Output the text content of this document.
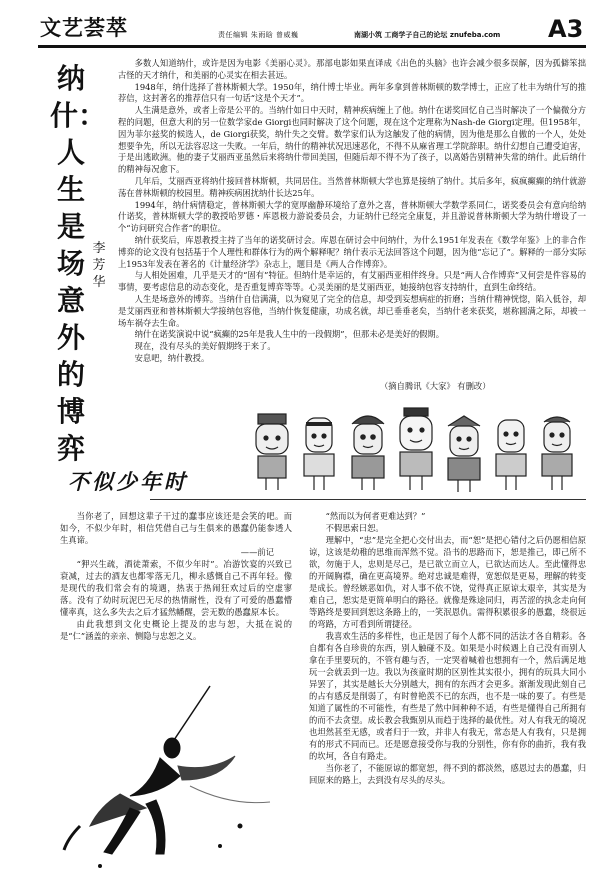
文艺荟萃	责任编辑 朱雨晗 曾威巍	南湖小筑 工商学子自己的论坛 znufeba.com A3
纳什：人生是场意外的博弈
李芳华

多数人知道纳什，或许是因为电影《美丽心灵》。那部电影如果直译成《出色的头脑》也许会减少很多误解，因为孤僻笨拙古怪的天才纳什，和美丽的心灵实在相去甚远。

1948年，纳什选择了普林斯顿大学。1950年，纳什博士毕业。两年多拿到普林斯顿的数学博士，正应了杜丰为纳什写的推荐信，这封著名的推荐信只有一句话“这是个天才”。

人生满是意外，或者上帝是公平的。当纳什如日中天时，精神疾病缠上了他。纳什在诺奖回忆自己当时解决了一个偏微分方程的问题，但意大利的另一位数学家de Giorgi也同时解决了这个问题，现在这个定理称为Nash-de Giorgi定理。但1958年，因为菲尔兹奖的候选人，de Giorgi获奖，纳什失之交臂。数学家们认为这触发了他的病情，因为他是那么自傲的一个人，处处想要争先，所以无法容忍这一失败。一年后，纳什的精神状况迅速恶化，不得不从麻省理工学院辞职。纳什幻想自己遭受迫害，于是出逃欧洲。他的妻子艾丽西亚虽然后来将纳什带回美国，但随后却不得不为了孩子，以离婚告别精神失常的纳什。此后纳什的精神每况愈下。

几年后，艾丽西亚将纳什接回普林斯顿，共同居住。当然普林斯顿大学也算是接纳了纳什。其后多年，疯疯癫癫的纳什就游荡在普林斯顿的校园里。精神疾病困扰纳什长达25年。

1994年，纳什病情稳定，普林斯顿大学的宽厚幽静环境给了意外之喜，普林斯顿大学数学系同仁，诺奖委员会有意向给纳什诺奖，普林斯顿大学的教授哈罗德・库恩极力游说委员会，力证纳什已经完全康复，并且游说普林斯顿大学为纳什增设了一个“访问研究合作者”的职位。

纳什获奖后，库恩教授主持了当年的诺奖研讨会。库恩在研讨会中问纳什，为什么1951年发表在《数学年鉴》上的非合作博弈的论文没有包括基于个人理性和群体行为的两个解释呢？纳什表示无法回答这个问题，因为他“忘记了”。解释的一部分实际上1953年发表在著名的《计量经济学》杂志上，题目是《两人合作博弈》。

与人相处困难，几乎是天才的“固有”特征。但纳什是幸运的，有艾丽西亚相伴终身。只是“两人合作博弈”又何尝是件容易的事情，要考虑信息的动态变化，是否重复博弈等等。心灵美丽的是艾丽西亚，她接纳包容支持纳什，直到生命终结。

人生是场意外的博弈。当纳什自信满满，以为窥见了完全的信息，却受到妄想病症的折磨；当纳什精神恍惚，陷入低谷，却是艾丽西亚和普林斯顿大学接纳包容他，当纳什恢复健康，功成名就，却已垂垂老矣，当纳什老来获奖，堪称圆满之际，却被一场车祸夺去生命。

纳什在诺奖演说中说“疯癫的25年是我人生中的一段假期”，但那未必是美好的假期。

现在，没有尽头的美好假期终于来了。

安息吧，纳什教授。

（摘自腾讯《大家》 有删改）
不似少年时

当你老了，回想这辈子干过的蠢事应该还是会笑的吧。而如今，不似少年时，相信凭借自己与生俱来的愚蠢仍能参透人生真谛。

——前记

“狎兴生疏，酒徒萧索，不似少年时”。冶游饮宴的兴致已衰减，过去的酒友也都零落无几，柳永感慨自己不再年轻。像是现代的我们常会有的境遇，热衷于热闹狂欢过后的空虚寥落。没有了幼时玩泥巴无尽的热情耐性，没有了可爱的愚蠢懵懂率真，这么多失去之后才猛然幡醒，尝无数的愚蠢原本长。

由此我想到文化史概论上提及的忠与恕，大抵在说的是“仁”涵盖的亲亲、恻隐与忠恕之义。

“然而以为何者更难达到？”

不假思索曰恕。

理解中，“忠”是完全把心交付出去，而“恕”是把心错付之后仍愿相信原谅，这该是幼稚的思维而浑然不觉。沿书的思路而下，恕是推己，即己所不欲，勿施于人，忠则是尽己，是已欲立而立人，已欲达而达人。至此懂得忠的开阔胸襟，确在更高境界。绝对忠诚是难得，宽恕似是更易，理解的转变是成长。曾经嫉恶如仇，对人事不依不饶，觉得真正原谅太艰辛，其实是为难自己，恕实是更简单明白的路径。就像是殊途同归，再苦涩的执念走向何等路终是要回到恕这条路上的，一笑泯恩仇。需得积累很多的愚蠢，绕很远的弯路，方可看到所谓捷径。

我喜欢生活的多样性，也正是因了每个人都不同的活法才各自精彩。各自都有各自珍贵的东西，别人触碰不及。如果是小时候遇上自己没有而别人拿在手里要玩的，不管有趣与否，一定哭着喊着也想拥有一个，然后满足地玩一会就丢到一边。我以为孩童时期的区别性其实很小，拥有的玩具大同小异罢了，其实是越长大分别越大，拥有的东西才会更多。渐渐发现此刻自己的占有感反是削弱了，有时曾艳羡不已的东西，也不是一味的要了。有些是知道了属性的不可能性，有些是了然中间种种不适，有些是懂得自己所拥有的而不去贪望。成长教会我甄别从而趋于选择的最优性。对人有我无的境况也坦然甚至无感，或者归于一致，并非人有我无，常态是人有我有，只是拥有的形式不同而已。还是愿意接受你与我的分别性，你有你的曲折，我有我的坎坷，各自有路走。

当你老了，不能原谅的都宽恕，得不到的都淡然，感恩过去的愚蠢，归回原来的路上，去到没有尽头的尽头。
